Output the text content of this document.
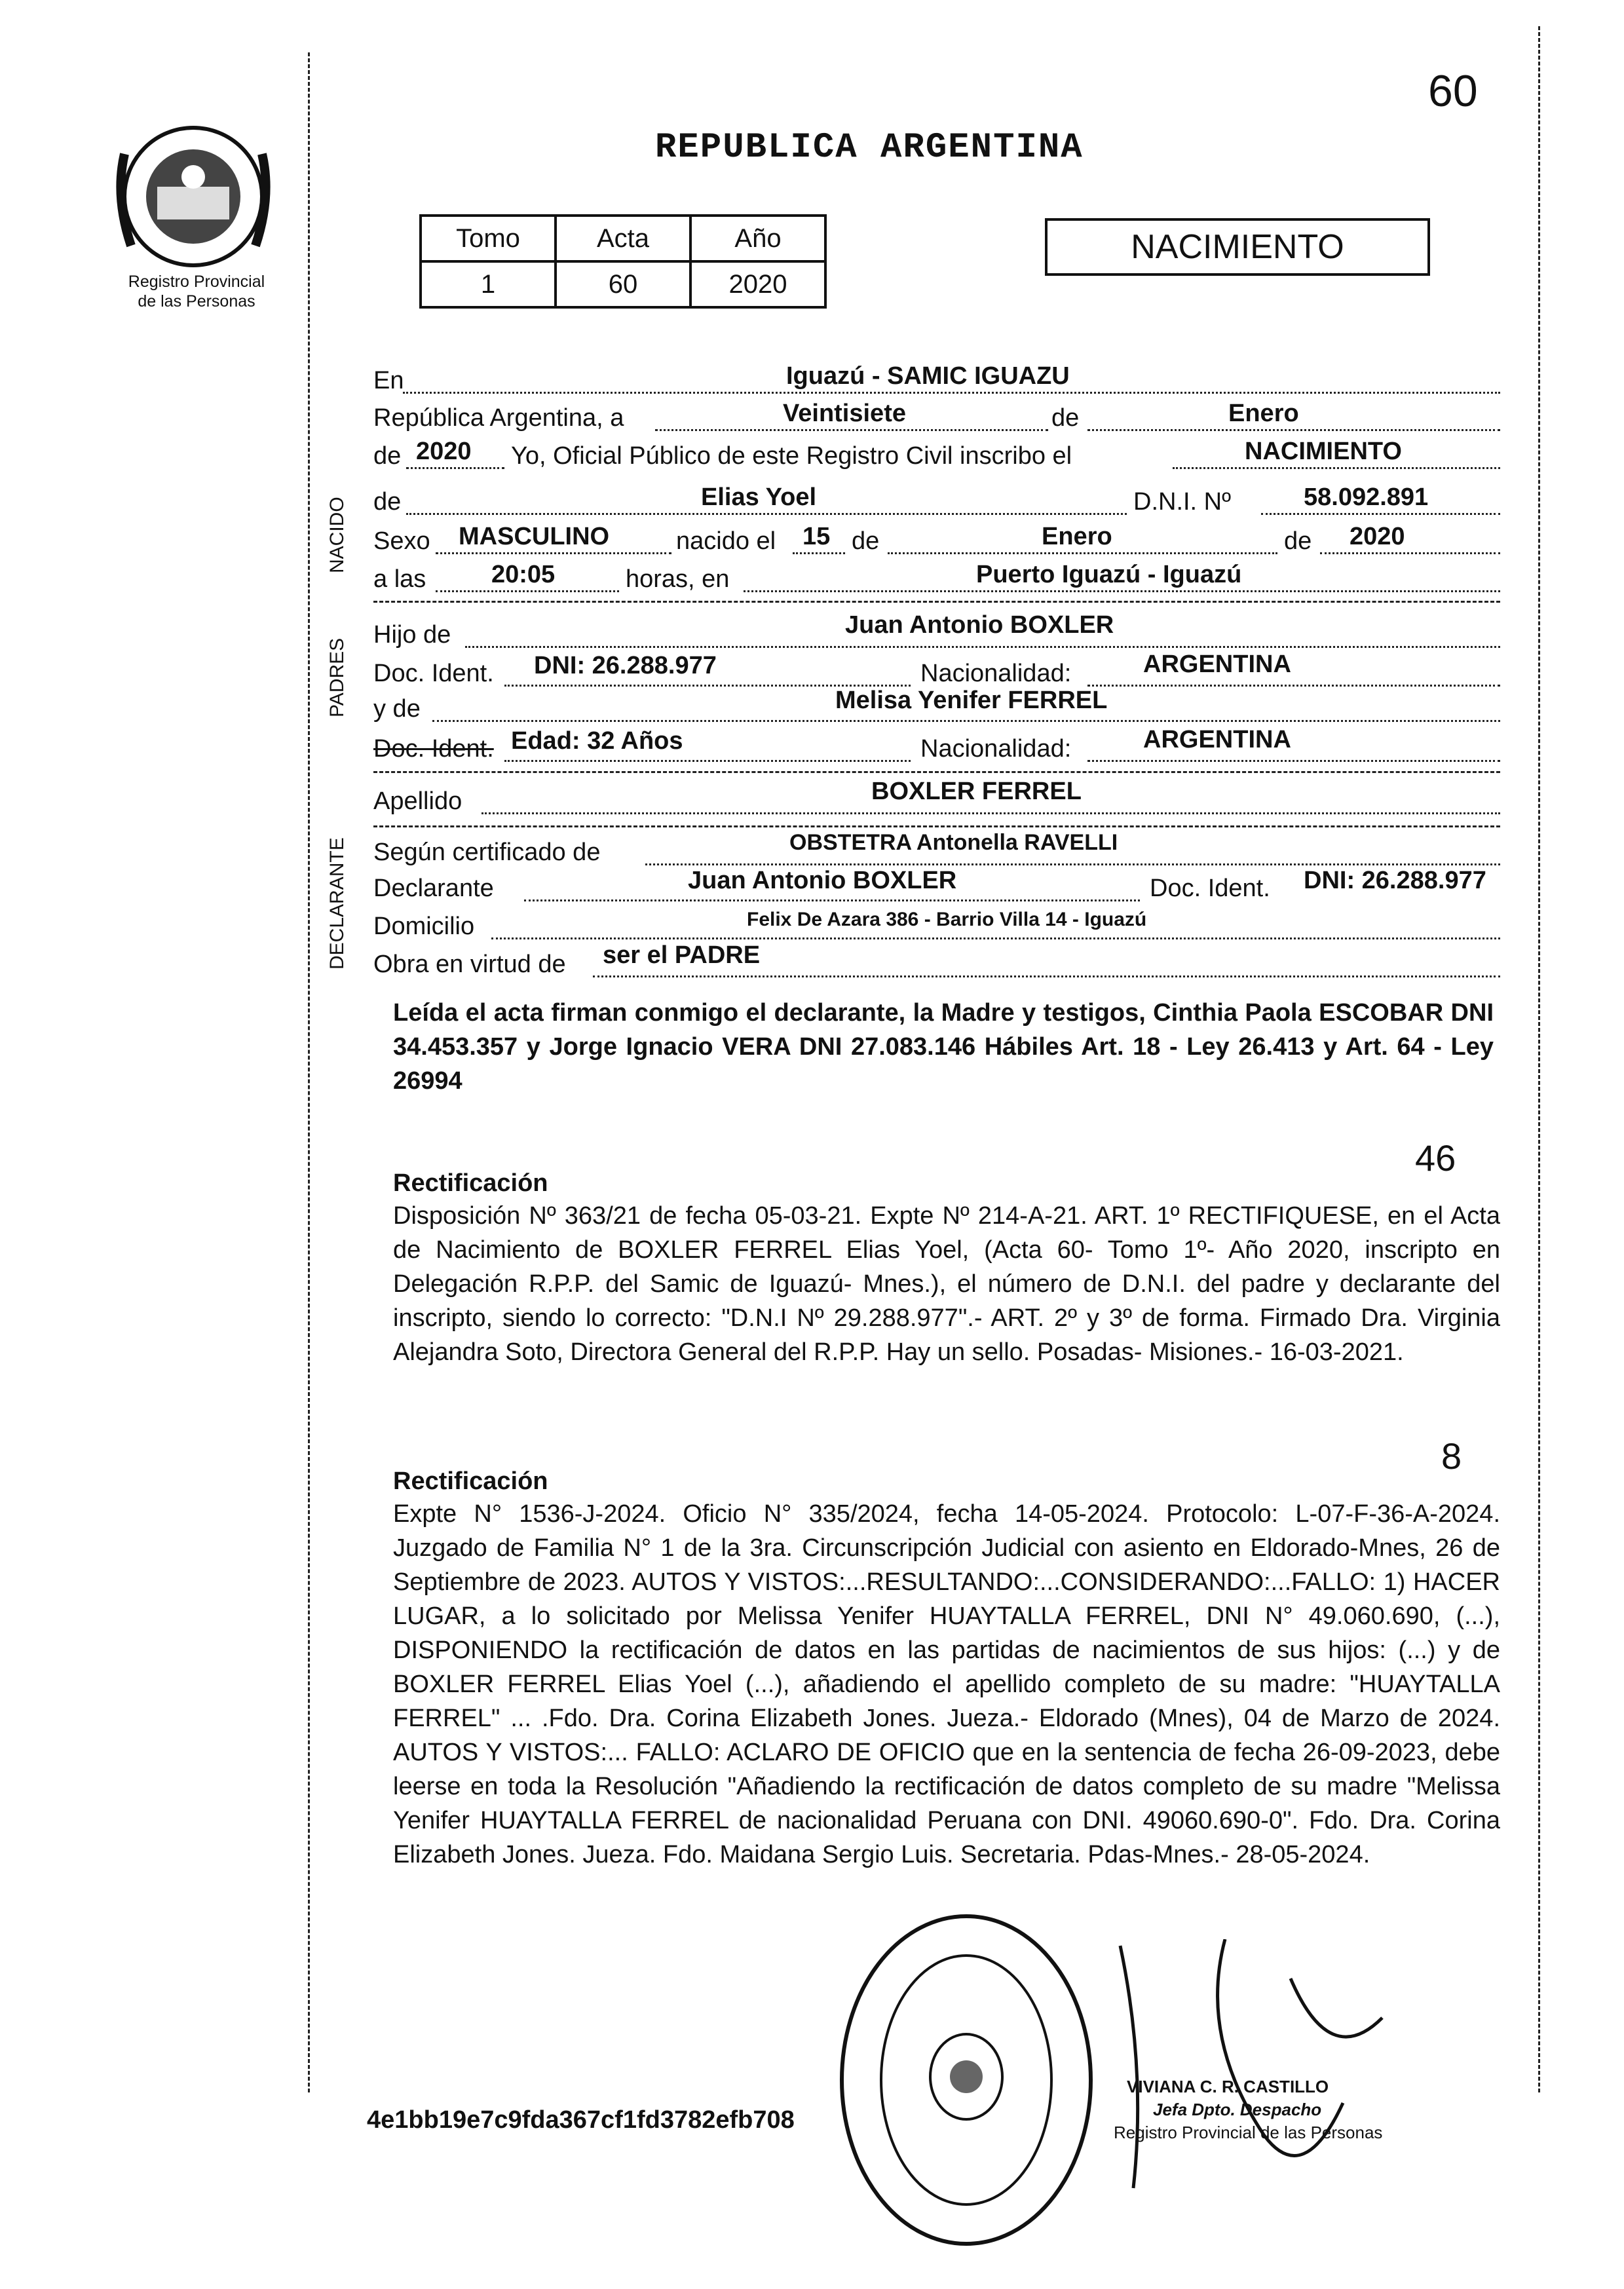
Registro Provincial
de las Personas
60
REPUBLICA ARGENTINA
Tomo	Acta	Año
1	60	2020
NACIMIENTO
NACIDO
PADRES
DECLARANTE
En	Iguazú - SAMIC IGUAZU
República Argentina, a	Veintisiete	de	Enero
de 2020 Yo, Oficial Público de este Registro Civil inscribo el	NACIMIENTO
de	Elias Yoel	D.N.I. Nº	58.092.891
Sexo MASCULINO	nacido el 15 de	Enero	de 2020
a las	20:05	horas, en	Puerto Iguazú - Iguazú
Hijo de	Juan Antonio BOXLER
Doc. Ident. DNI: 26.288.977	Nacionalidad:	ARGENTINA
y de	Melisa Yenifer FERREL
Doc. Ident. Edad: 32 Años	Nacionalidad:	ARGENTINA
Apellido	BOXLER FERREL
Según certificado de	OBSTETRA Antonella RAVELLI
Declarante	Juan Antonio BOXLER	Doc. Ident. DNI: 26.288.977
Domicilio	Felix De Azara 386 - Barrio Villa 14 - Iguazú
Obra en virtud de ser el PADRE
Leída el acta firman conmigo el declarante, la Madre y testigos, Cinthia Paola ESCOBAR DNI 34.453.357 y Jorge Ignacio VERA DNI 27.083.146 Hábiles Art. 18 - Ley 26.413 y Art. 64 - Ley 26994
46
Rectificación
Disposición Nº 363/21 de fecha 05-03-21. Expte Nº 214-A-21. ART. 1º RECTIFIQUESE, en el Acta de Nacimiento de BOXLER FERREL Elias Yoel, (Acta 60- Tomo 1º- Año 2020, inscripto en Delegación R.P.P. del Samic de Iguazú- Mnes.), el número de D.N.I. del padre y declarante del inscripto, siendo lo correcto: "D.N.I Nº 29.288.977".- ART. 2º y 3º de forma. Firmado Dra. Virginia Alejandra Soto, Directora General del R.P.P. Hay un sello. Posadas- Misiones.- 16-03-2021.
8
Rectificación
Expte N° 1536-J-2024. Oficio N° 335/2024, fecha 14-05-2024. Protocolo: L-07-F-36-A-2024. Juzgado de Familia N° 1 de la 3ra. Circunscripción Judicial con asiento en Eldorado-Mnes, 26 de Septiembre de 2023. AUTOS Y VISTOS:...RESULTANDO:...CONSIDERANDO:...FALLO: 1) HACER LUGAR, a lo solicitado por Melissa Yenifer HUAYTALLA FERREL, DNI N° 49.060.690, (...), DISPONIENDO la rectificación de datos en las partidas de nacimientos de sus hijos: (...) y de BOXLER FERREL Elias Yoel (...), añadiendo el apellido completo de su madre: "HUAYTALLA FERREL" ... .Fdo. Dra. Corina Elizabeth Jones. Jueza.- Eldorado (Mnes), 04 de Marzo de 2024. AUTOS Y VISTOS:... FALLO: ACLARO DE OFICIO que en la sentencia de fecha 26-09-2023, debe leerse en toda la Resolución "Añadiendo la rectificación de datos completo de su madre "Melissa Yenifer HUAYTALLA FERREL de nacionalidad Peruana con DNI. 49060.690-0". Fdo. Dra. Corina Elizabeth Jones. Jueza. Fdo. Maidana Sergio Luis. Secretaria. Pdas-Mnes.- 28-05-2024.
4e1bb19e7c9fda367cf1fd3782efb708
VIVIANA C. R. CASTILLO
Jefa Dpto. Despacho
Registro Provincial de las Personas
